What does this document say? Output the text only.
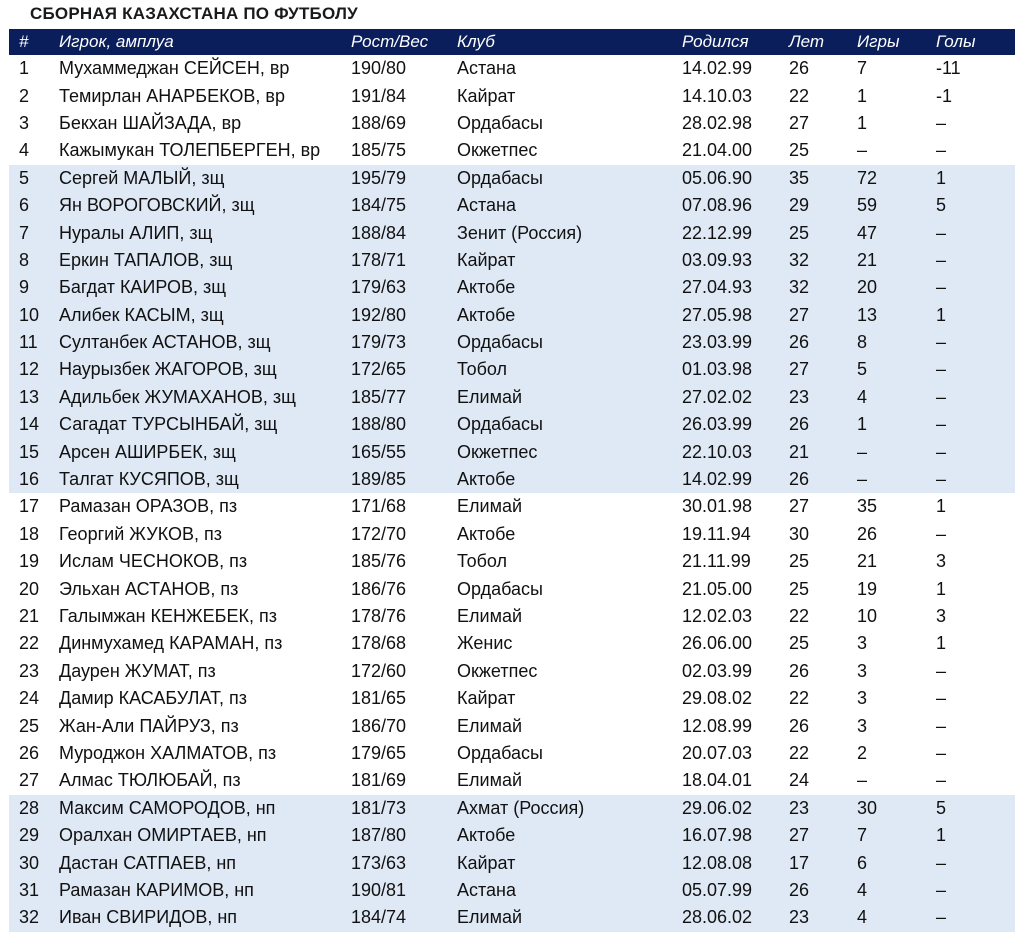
СБОРНАЯ КАЗАХСТАНА ПО ФУТБОЛУ
#	Игрок, амплуа	Рост/Вес	Клуб	Родился	Лет	Игры	Голы
1	Мухаммеджан СЕЙСЕН, вр	190/80	Астана	14.02.99	26	7	-11
2	Темирлан АНАРБЕКОВ, вр	191/84	Кайрат	14.10.03	22	1	-1
3	Бекхан ШАЙЗАДА, вр	188/69	Ордабасы	28.02.98	27	1	–
4	Кажымукан ТОЛЕПБЕРГЕН, вр	185/75	Окжетпес	21.04.00	25	–	–
5	Сергей МАЛЫЙ, зщ	195/79	Ордабасы	05.06.90	35	72	1
6	Ян ВОРОГОВСКИЙ, зщ	184/75	Астана	07.08.96	29	59	5
7	Нуралы АЛИП, зщ	188/84	Зенит (Россия)	22.12.99	25	47	–
8	Еркин ТАПАЛОВ, зщ	178/71	Кайрат	03.09.93	32	21	–
9	Багдат КАИРОВ, зщ	179/63	Актобе	27.04.93	32	20	–
10	Алибек КАСЫМ, зщ	192/80	Актобе	27.05.98	27	13	1
11	Султанбек АСТАНОВ, зщ	179/73	Ордабасы	23.03.99	26	8	–
12	Наурызбек ЖАГОРОВ, зщ	172/65	Тобол	01.03.98	27	5	–
13	Адильбек ЖУМАХАНОВ, зщ	185/77	Елимай	27.02.02	23	4	–
14	Сагадат ТУРСЫНБАЙ, зщ	188/80	Ордабасы	26.03.99	26	1	–
15	Арсен АШИРБЕК, зщ	165/55	Окжетпес	22.10.03	21	–	–
16	Талгат КУСЯПОВ, зщ	189/85	Актобе	14.02.99	26	–	–
17	Рамазан ОРАЗОВ, пз	171/68	Елимай	30.01.98	27	35	1
18	Георгий ЖУКОВ, пз	172/70	Актобе	19.11.94	30	26	–
19	Ислам ЧЕСНОКОВ, пз	185/76	Тобол	21.11.99	25	21	3
20	Эльхан АСТАНОВ, пз	186/76	Ордабасы	21.05.00	25	19	1
21	Галымжан КЕНЖЕБЕК, пз	178/76	Елимай	12.02.03	22	10	3
22	Динмухамед КАРАМАН, пз	178/68	Женис	26.06.00	25	3	1
23	Даурен ЖУМАТ, пз	172/60	Окжетпес	02.03.99	26	3	–
24	Дамир КАСАБУЛАТ, пз	181/65	Кайрат	29.08.02	22	3	–
25	Жан-Али ПАЙРУЗ, пз	186/70	Елимай	12.08.99	26	3	–
26	Муроджон ХАЛМАТОВ, пз	179/65	Ордабасы	20.07.03	22	2	–
27	Алмас ТЮЛЮБАЙ, пз	181/69	Елимай	18.04.01	24	–	–
28	Максим САМОРОДОВ, нп	181/73	Ахмат (Россия)	29.06.02	23	30	5
29	Оралхан ОМИРТАЕВ, нп	187/80	Актобе	16.07.98	27	7	1
30	Дастан САТПАЕВ, нп	173/63	Кайрат	12.08.08	17	6	–
31	Рамазан КАРИМОВ, нп	190/81	Астана	05.07.99	26	4	–
32	Иван СВИРИДОВ, нп	184/74	Елимай	28.06.02	23	4	–
